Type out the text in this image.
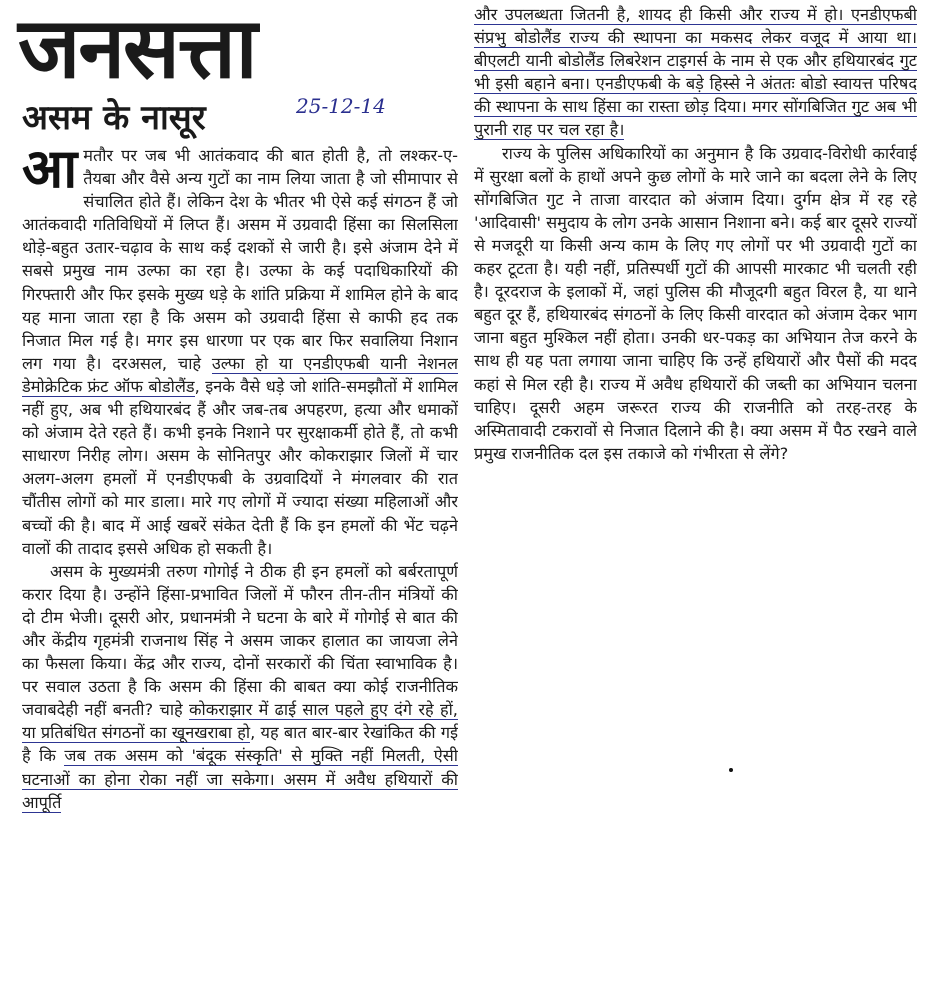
जनसत्ता
25-12-14
असम के नासूर

आमतौर पर जब भी आतंकवाद की बात होती है, तो लश्कर-ए-तैयबा और वैसे अन्य गुटों का नाम लिया जाता है जो सीमापार से संचालित होते हैं। लेकिन देश के भीतर भी ऐसे कई संगठन हैं जो आतंकवादी गतिविधियों में लिप्त हैं। असम में उग्रवादी हिंसा का सिलसिला थोड़े-बहुत उतार-चढ़ाव के साथ कई दशकों से जारी है। इसे अंजाम देने में सबसे प्रमुख नाम उल्फा का रहा है। उल्फा के कई पदाधिकारियों की गिरफ्तारी और फिर इसके मुख्य धड़े के शांति प्रक्रिया में शामिल होने के बाद यह माना जाता रहा है कि असम को उग्रवादी हिंसा से काफी हद तक निजात मिल गई है। मगर इस धारणा पर एक बार फिर सवालिया निशान लग गया है। दरअसल, चाहे उल्फा हो या एनडीएफबी यानी नेशनल डेमोक्रेटिक फ्रंट ऑफ बोडोलैंड, इनके वैसे धड़े जो शांति-समझौतों में शामिल नहीं हुए, अब भी हथियारबंद हैं और जब-तब अपहरण, हत्या और धमाकों को अंजाम देते रहते हैं। कभी इनके निशाने पर सुरक्षाकर्मी होते हैं, तो कभी साधारण निरीह लोग। असम के सोनितपुर और कोकराझार जिलों में चार अलग-अलग हमलों में एनडीएफबी के उग्रवादियों ने मंगलवार की रात चौंतीस लोगों को मार डाला। मारे गए लोगों में ज्यादा संख्या महिलाओं और बच्चों की है। बाद में आई खबरें संकेत देती हैं कि इन हमलों की भेंट चढ़ने वालों की तादाद इससे अधिक हो सकती है।

असम के मुख्यमंत्री तरुण गोगोई ने ठीक ही इन हमलों को बर्बरतापूर्ण करार दिया है। उन्होंने हिंसा-प्रभावित जिलों में फौरन तीन-तीन मंत्रियों की दो टीम भेजी। दूसरी ओर, प्रधानमंत्री ने घटना के बारे में गोगोई से बात की और केंद्रीय गृहमंत्री राजनाथ सिंह ने असम जाकर हालात का जायजा लेने का फैसला किया। केंद्र और राज्य, दोनों सरकारों की चिंता स्वाभाविक है। पर सवाल उठता है कि असम की हिंसा की बाबत क्या कोई राजनीतिक जवाबदेही नहीं बनती? चाहे कोकराझार में ढाई साल पहले हुए दंगे रहे हों, या प्रतिबंधित संगठनों का खूनखराबा हो, यह बात बार-बार रेखांकित की गई है कि जब तक असम को 'बंदूक संस्कृति' से मुक्ति नहीं मिलती, ऐसी घटनाओं का होना रोका नहीं जा सकेगा। असम में अवैध हथियारों की आपूर्ति

और उपलब्धता जितनी है, शायद ही किसी और राज्य में हो। एनडीएफबी संप्रभु बोडोलैंड राज्य की स्थापना का मकसद लेकर वजूद में आया था। बीएलटी यानी बोडोलैंड लिबरेशन टाइगर्स के नाम से एक और हथियारबंद गुट भी इसी बहाने बना। एनडीएफबी के बड़े हिस्से ने अंततः बोडो स्वायत्त परिषद की स्थापना के साथ हिंसा का रास्ता छोड़ दिया। मगर सोंगबिजित गुट अब भी पुरानी राह पर चल रहा है।

राज्य के पुलिस अधिकारियों का अनुमान है कि उग्रवाद-विरोधी कार्रवाई में सुरक्षा बलों के हाथों अपने कुछ लोगों के मारे जाने का बदला लेने के लिए सोंगबिजित गुट ने ताजा वारदात को अंजाम दिया। दुर्गम क्षेत्र में रह रहे 'आदिवासी' समुदाय के लोग उनके आसान निशाना बने। कई बार दूसरे राज्यों से मजदूरी या किसी अन्य काम के लिए गए लोगों पर भी उग्रवादी गुटों का कहर टूटता है। यही नहीं, प्रतिस्पर्धी गुटों की आपसी मारकाट भी चलती रही है। दूरदराज के इलाकों में, जहां पुलिस की मौजूदगी बहुत विरल है, या थाने बहुत दूर हैं, हथियारबंद संगठनों के लिए किसी वारदात को अंजाम देकर भाग जाना बहुत मुश्किल नहीं होता। उनकी धर-पकड़ का अभियान तेज करने के साथ ही यह पता लगाया जाना चाहिए कि उन्हें हथियारों और पैसों की मदद कहां से मिल रही है। राज्य में अवैध हथियारों की जब्ती का अभियान चलना चाहिए। दूसरी अहम जरूरत राज्य की राजनीति को तरह-तरह के अस्मितावादी टकरावों से निजात दिलाने की है। क्या असम में पैठ रखने वाले प्रमुख राजनीतिक दल इस तकाजे को गंभीरता से लेंगे?
